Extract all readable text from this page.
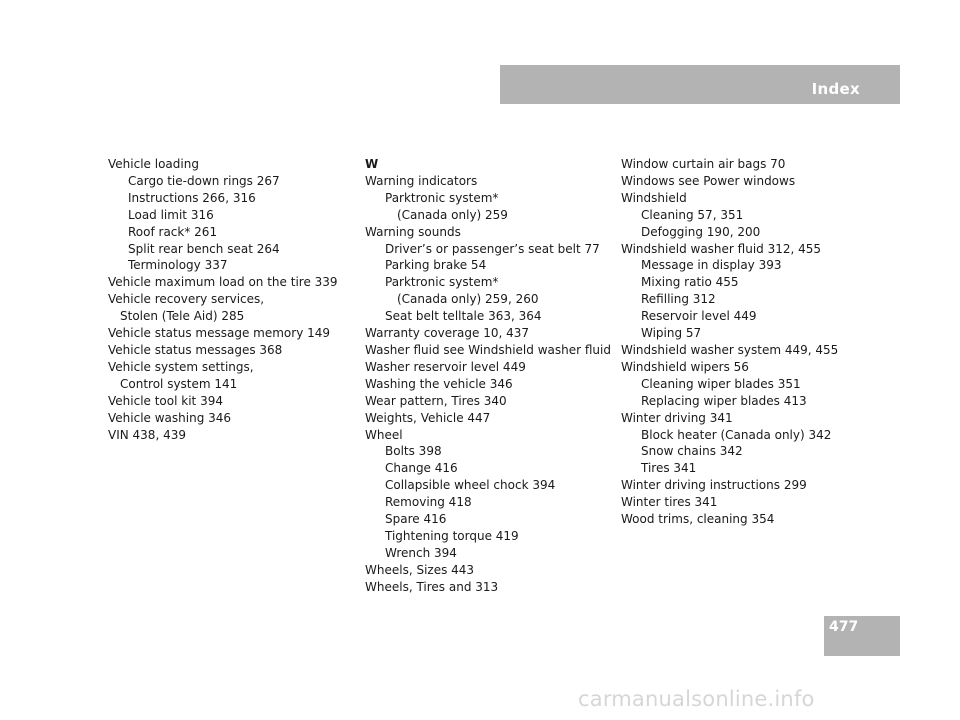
Index
Vehicle loading
Cargo tie-down rings 267
Instructions 266, 316
Load limit 316
Roof rack* 261
Split rear bench seat 264
Terminology 337
Vehicle maximum load on the tire 339
Vehicle recovery services,
Stolen (Tele Aid) 285
Vehicle status message memory 149
Vehicle status messages 368
Vehicle system settings,
Control system 141
Vehicle tool kit 394
Vehicle washing 346
VIN 438, 439
W
Warning indicators
Parktronic system*
(Canada only) 259
Warning sounds
Driver’s or passenger’s seat belt 77
Parking brake 54
Parktronic system*
(Canada only) 259, 260
Seat belt telltale 363, 364
Warranty coverage 10, 437
Washer fluid see Windshield washer fluid
Washer reservoir level 449
Washing the vehicle 346
Wear pattern, Tires 340
Weights, Vehicle 447
Wheel
Bolts 398
Change 416
Collapsible wheel chock 394
Removing 418
Spare 416
Tightening torque 419
Wrench 394
Wheels, Sizes 443
Wheels, Tires and 313
Window curtain air bags 70
Windows see Power windows
Windshield
Cleaning 57, 351
Defogging 190, 200
Windshield washer fluid 312, 455
Message in display 393
Mixing ratio 455
Refilling 312
Reservoir level 449
Wiping 57
Windshield washer system 449, 455
Windshield wipers 56
Cleaning wiper blades 351
Replacing wiper blades 413
Winter driving 341
Block heater (Canada only) 342
Snow chains 342
Tires 341
Winter driving instructions 299
Winter tires 341
Wood trims, cleaning 354
477
carmanualsonline.info
